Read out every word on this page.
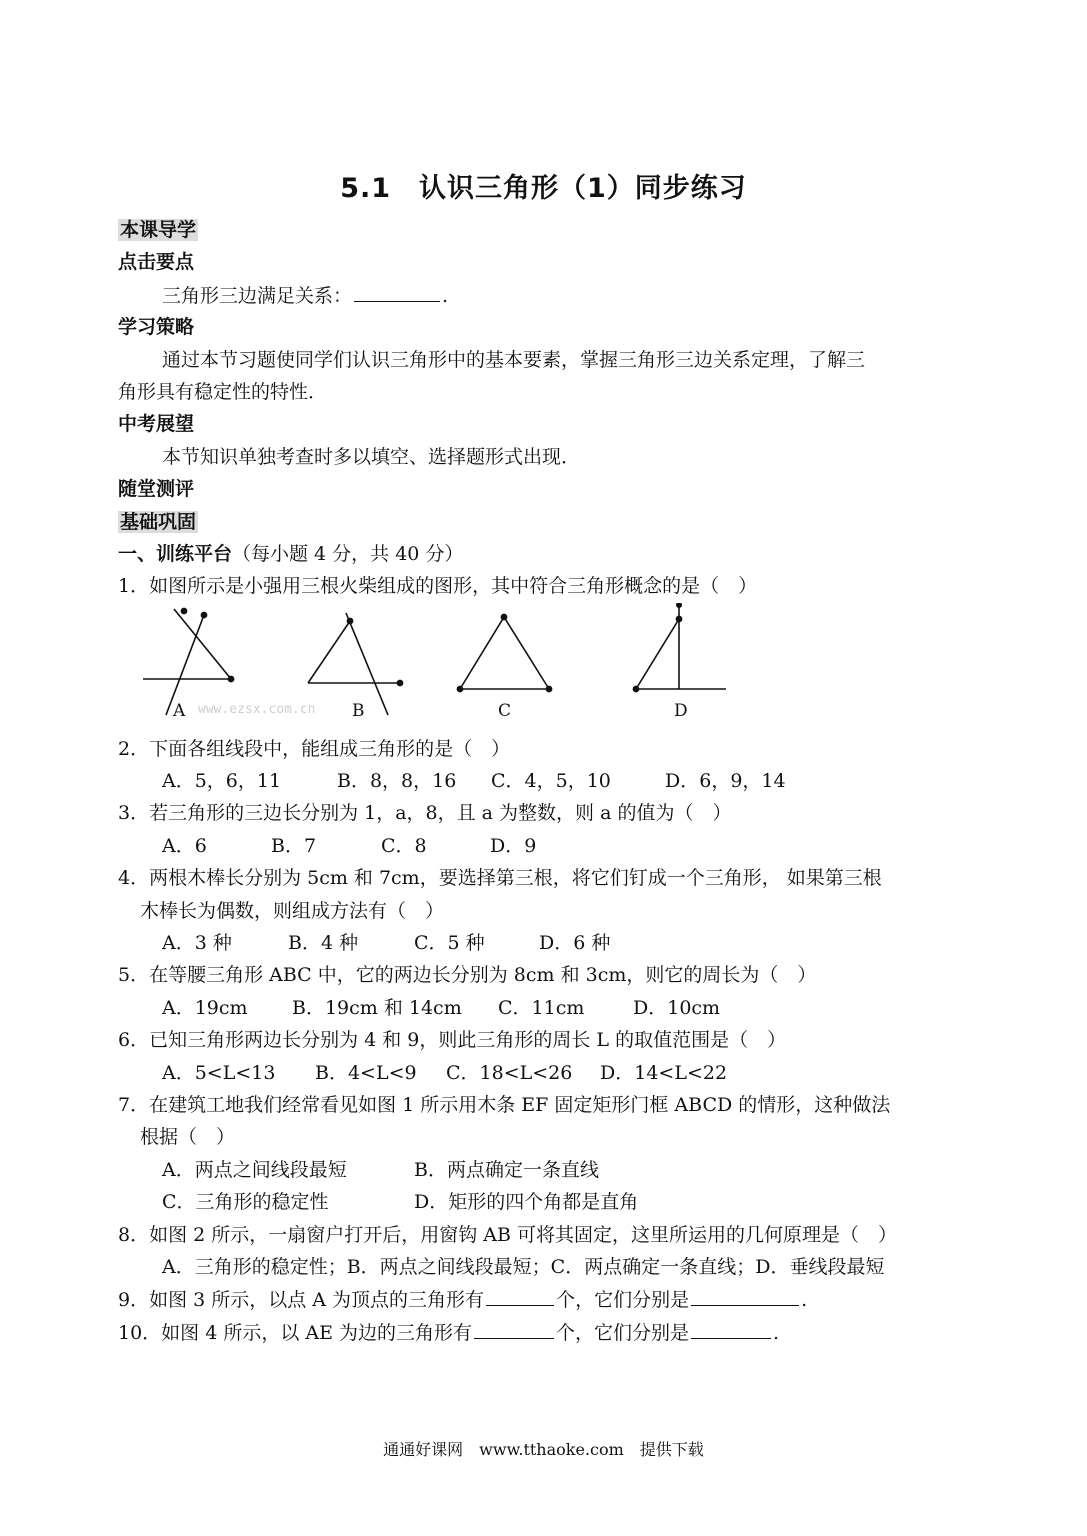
5.1　认识三角形（1）同步练习
本课导学
点击要点
三角形三边满足关系：	.
学习策略
通过本节习题使同学们认识三角形中的基本要素，掌握三角形三边关系定理，了解三
角形具有稳定性的特性．
中考展望
本节知识单独考查时多以填空、选择题形式出现．
随堂测评
基础巩固
一、训练平台（每小题 4 分，共 40 分）
1．如图所示是小强用三根火柴组成的图形，其中符合三角形概念的是（　）
www.ezsx.com.cn
A	B	C	D
2．下面各组线段中，能组成三角形的是（　）
A．5，6，11	B．8，8，16 C．4，5，10	D．6，9，14
3．若三角形的三边长分别为 1，a，8，且 a 为整数，则 a 的值为（　）
A．6	B．7	C．8	D．9
4．两根木棒长分别为 5cm 和 7cm，要选择第三根，将它们钉成一个三角形， 如果第三根
木棒长为偶数，则组成方法有（　）
A．3 种	B．4 种	C．5 种	D．6 种
5．在等腰三角形 ABC 中，它的两边长分别为 8cm 和 3cm，则它的周长为（　）
A．19cm B．19cm 和 14cm C．11cm	D．10cm
6．已知三角形两边长分别为 4 和 9，则此三角形的周长 L 的取值范围是（　）
A．5<L<13 B．4<L<9 C．18<L<26 D．14<L<22
7．在建筑工地我们经常看见如图 1 所示用木条 EF 固定矩形门框 ABCD 的情形，这种做法
根据（　）
A．两点之间线段最短	B．两点确定一条直线
C．三角形的稳定性	D．矩形的四个角都是直角
8．如图 2 所示，一扇窗户打开后，用窗钩 AB 可将其固定，这里所运用的几何原理是（　）
A．三角形的稳定性；B．两点之间线段最短；C．两点确定一条直线；D．垂线段最短
9．如图 3 所示，以点 A 为顶点的三角形有	个，它们分别是	.
10．如图 4 所示，以 AE 为边的三角形有	个，它们分别是	.
通通好课网　www.tthaoke.com　提供下载
